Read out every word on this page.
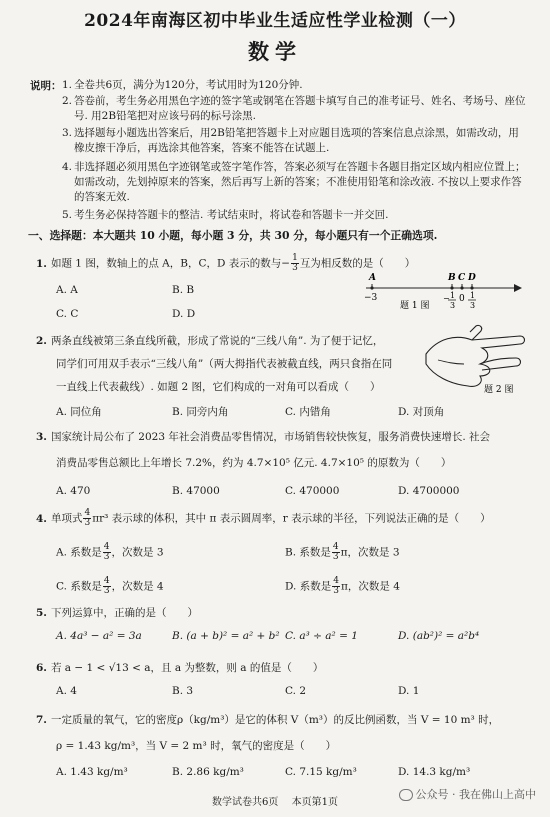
2024年南海区初中毕业生适应性学业检测（一）
数学
说明： 1. 全卷共6页，满分为120分，考试用时为120分钟.
2. 答卷前，考生务必用黑色字迹的签字笔或钢笔在答题卡填写自己的准考证号、姓名、考场号、座位号. 用2B铅笔把对应该号码的标号涂黑.
3. 选择题每小题选出答案后，用2B铅笔把答题卡上对应题目选项的答案信息点涂黑，如需改动，用橡皮擦干净后，再选涂其他答案，答案不能答在试题上.
4. 非选择题必须用黑色字迹钢笔或签字笔作答，答案必须写在答题卡各题目指定区域内相应位置上；如需改动，先划掉原来的答案，然后再写上新的答案；不准使用铅笔和涂改液. 不按以上要求作答的答案无效.
5. 考生务必保持答题卡的整洁. 考试结束时，将试卷和答题卡一并交回.
一、选择题：本大题共 10 小题，每小题 3 分，共 30 分，每小题只有一个正确选项.
1. 如题 1 图，数轴上的点 A，B，C，D 表示的数与− $\frac{1}{3}$ 互为相反数的是（　　）
A. A	B. B
C. C	D. D
A	B C D
−3	− 1
3
0 1
3
题 1 图
2. 两条直线被第三条直线所截，形成了常说的“三线八角”. 为了便于记忆，
同学们可用双手表示“三线八角”（两大拇指代表被截直线，两只食指在同
一直线上代表截线）. 如题 2 图，它们构成的一对角可以看成（　　）
A. 同位角	B. 同旁内角	C. 内错角	D. 对顶角
题 2 图
3. 国家统计局公布了 2023 年社会消费品零售情况，市场销售较快恢复，服务消费快速增长. 社会
消费品零售总额比上年增长 7.2%，约为 4.7×10⁵ 亿元. 4.7×10⁵ 的原数为（　　）
A. 470	B. 47000	C. 470000	D. 4700000
4. 单项式 $\frac{4}{3} \pi r^3$ 表示球的体积，其中 π 表示圆周率，r 表示球的半径，下列说法正确的是（　　）
A. 系数是 $\frac{4}{3}$ ，次数是 3	B. 系数是 $\frac{4}{3}$ π，次数是 3
C. 系数是 $\frac{4}{3}$ ，次数是 4	D. 系数是 $\frac{4}{3}$ π，次数是 4
5. 下列运算中，正确的是（　　）
A. 4a³ − a² = 3a	B. (a + b)² = a² + b² C. a³ ÷ a² = 1	D. (ab²)² = a²b⁴
6. 若 a − 1 < √13 < a，且 a 为整数，则 a 的值是（　　）
A. 4	B. 3	C. 2	D. 1
7. 一定质量的氧气，它的密度ρ（kg/m³）是它的体积 V（m³）的反比例函数，当 V = 10 m³ 时，
ρ = 1.43 kg/m³，当 V = 2 m³ 时，氧气的密度是（　　）
A. 1.43 kg/m³	B. 2.86 kg/m³	C. 7.15 kg/m³	D. 14.3 kg/m³
数学试卷共6页　 本页第1页
公众号 · 我在佛山上高中
